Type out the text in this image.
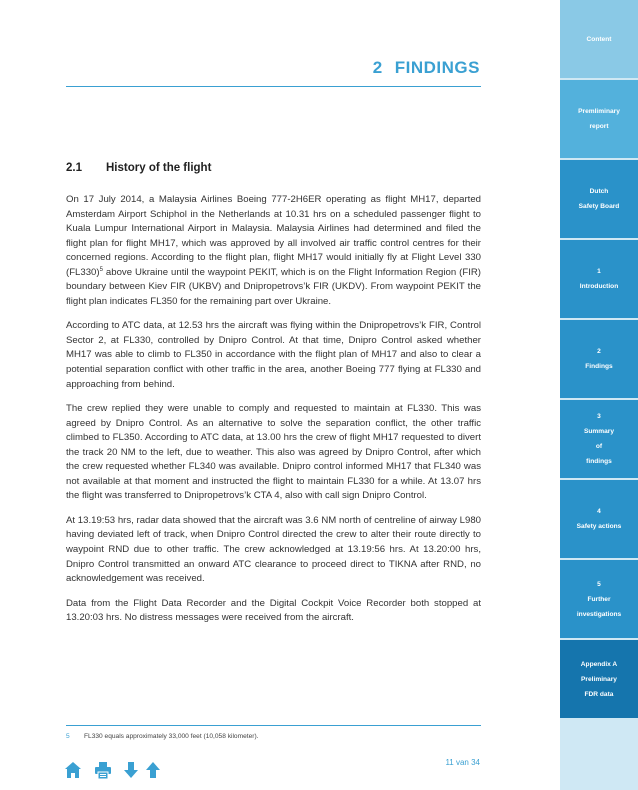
2 FINDINGS
2.1 History of the flight

On 17 July 2014, a Malaysia Airlines Boeing 777-2H6ER operating as flight MH17, departed Amsterdam Airport Schiphol in the Netherlands at 10.31 hrs on a scheduled passenger flight to Kuala Lumpur International Airport in Malaysia. Malaysia Airlines had determined and filed the flight plan for flight MH17, which was approved by all involved air traffic control centres for their concerned regions. According to the flight plan, flight MH17 would initially fly at Flight Level 330 $(FL330)^5$ above Ukraine until the waypoint PEKIT, which is on the Flight Information Region (FIR) boundary between Kiev FIR (UKBV) and Dnipropetrovs’k FIR (UKDV). From waypoint PEKIT the flight plan indicates FL350 for the remaining part over Ukraine.

According to ATC data, at 12.53 hrs the aircraft was flying within the Dnipropetrovs’k FIR, Control Sector 2, at FL330, controlled by Dnipro Control. At that time, Dnipro Control asked whether MH17 was able to climb to FL350 in accordance with the flight plan of MH17 and also to clear a potential separation conflict with other traffic in the area, another Boeing 777 flying at FL330 and approaching from behind.

The crew replied they were unable to comply and requested to maintain at FL330. This was agreed by Dnipro Control. As an alternative to solve the separation conflict, the other traffic climbed to FL350. According to ATC data, at 13.00 hrs the crew of flight MH17 requested to divert the track 20 NM to the left, due to weather. This also was agreed by Dnipro Control, after which the crew requested whether FL340 was available. Dnipro control informed MH17 that FL340 was not available at that moment and instructed the flight to maintain FL330 for a while. At 13.07 hrs the flight was transferred to Dnipropetrovs’k CTA 4, also with call sign Dnipro Control.

At 13.19:53 hrs, radar data showed that the aircraft was 3.6 NM north of centreline of airway L980 having deviated left of track, when Dnipro Control directed the crew to alter their route directly to waypoint RND due to other traffic. The crew acknowledged at 13.19:56 hrs. At 13.20:00 hrs, Dnipro Control transmitted an onward ATC clearance to proceed direct to TIKNA after RND, no acknowledgement was received.

Data from the Flight Data Recorder and the Digital Cockpit Voice Recorder both stopped at 13.20:03 hrs. No distress messages were received from the aircraft.

5 FL330 equals approximately 33,000 feet (10,058 kilometer).
11 van 34
Content
Premliminary
report
Dutch
Safety Board
1
Introduction
2
Findings
3
Summary
of
findings
4
Safety actions
5
Further
investigations
Appendix A
Preliminary
FDR data
